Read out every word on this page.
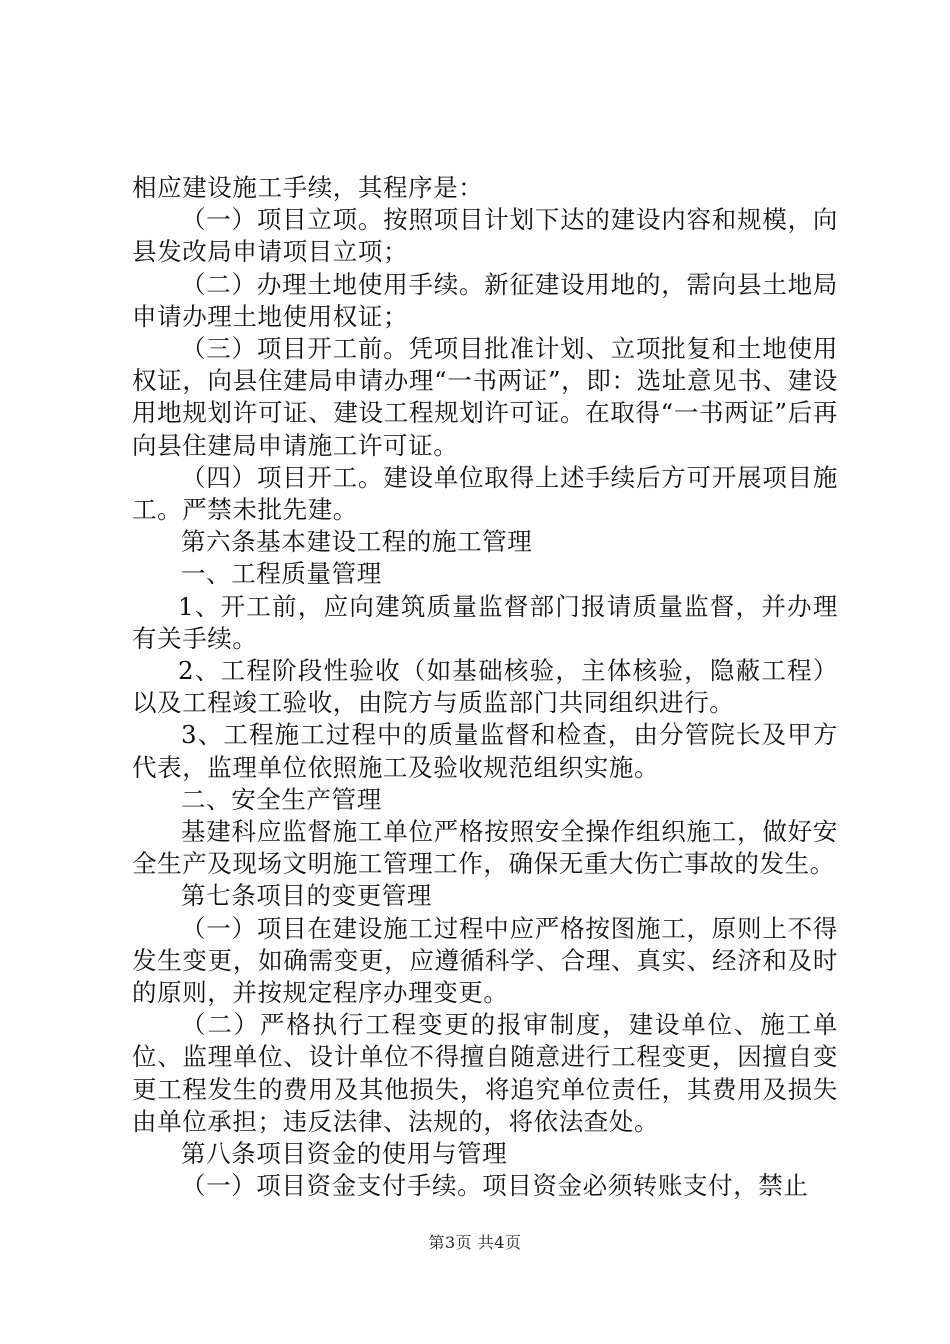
相应建设施工手续，其程序是：

（一）项目立项。按照项目计划下达的建设内容和规模，向县发改局申请项目立项；

（二）办理土地使用手续。新征建设用地的，需向县土地局申请办理土地使用权证；

（三）项目开工前。凭项目批准计划、立项批复和土地使用权证，向县住建局申请办理“一书两证”，即：选址意见书、建设用地规划许可证、建设工程规划许可证。在取得“一书两证”后再向县住建局申请施工许可证。

（四）项目开工。建设单位取得上述手续后方可开展项目施工。严禁未批先建。

第六条基本建设工程的施工管理

一、工程质量管理

1、开工前，应向建筑质量监督部门报请质量监督，并办理有关手续。

2、工程阶段性验收（如基础核验，主体核验，隐蔽工程）以及工程竣工验收，由院方与质监部门共同组织进行。

3、工程施工过程中的质量监督和检查，由分管院长及甲方代表，监理单位依照施工及验收规范组织实施。

二、安全生产管理

基建科应监督施工单位严格按照安全操作组织施工，做好安全生产及现场文明施工管理工作，确保无重大伤亡事故的发生。

第七条项目的变更管理

（一）项目在建设施工过程中应严格按图施工，原则上不得发生变更，如确需变更，应遵循科学、合理、真实、经济和及时的原则，并按规定程序办理变更。

（二）严格执行工程变更的报审制度，建设单位、施工单位、监理单位、设计单位不得擅自随意进行工程变更，因擅自变更工程发生的费用及其他损失，将追究单位责任，其费用及损失由单位承担；违反法律、法规的，将依法查处。

第八条项目资金的使用与管理

（一）项目资金支付手续。项目资金必须转账支付，禁止

第3页 共4页
